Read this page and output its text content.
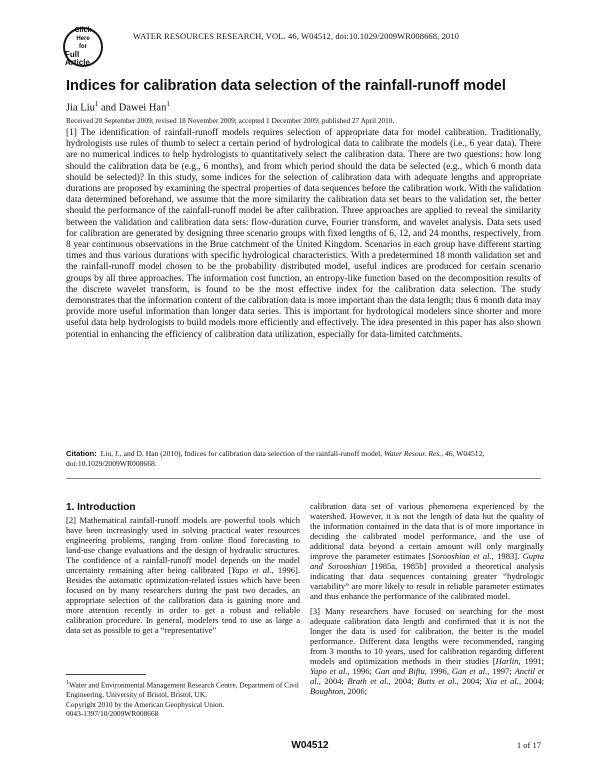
Click
Here
for
Full Article
WATER RESOURCES RESEARCH, VOL. 46, W04512, doi:10.1029/2009WR008668, 2010
Indices for calibration data selection of the rainfall-runoff model
Jia Liu$^1$ and Dawei Han$^1$
Received 20 September 2009; revised 18 November 2009; accepted 1 December 2009; published 27 April 2010.
[1] The identification of rainfall-runoff models requires selection of appropriate data for model calibration. Traditionally, hydrologists use rules of thumb to select a certain period of hydrological data to calibrate the models (i.e., 6 year data). There are no numerical indices to help hydrologists to quantitatively select the calibration data. There are two questions: how long should the calibration data be (e.g., 6 months), and from which period should the data be selected (e.g., which 6 month data should be selected)? In this study, some indices for the selection of calibration data with adequate lengths and appropriate durations are proposed by examining the spectral properties of data sequences before the calibration work. With the validation data determined beforehand, we assume that the more similarity the calibration data set bears to the validation set, the better should the performance of the rainfall-runoff model be after calibration. Three approaches are applied to reveal the similarity between the validation and calibration data sets: flow-duration curve, Fourier transform, and wavelet analysis. Data sets used for calibration are generated by designing three scenario groups with fixed lengths of 6, 12, and 24 months, respectively, from 8 year continuous observations in the Brue catchment of the United Kingdom. Scenarios in each group have different starting times and thus various durations with specific hydrological characteristics. With a predetermined 18 month validation set and the rainfall-runoff model chosen to be the probability distributed model, useful indices are produced for certain scenario groups by all three approaches. The information cost function, an entropy-like function based on the decomposition results of the discrete wavelet transform, is found to be the most effective index for the calibration data selection. The study demonstrates that the information content of the calibration data is more important than the data length; thus 6 month data may provide more useful information than longer data series. This is important for hydrological modelers since shorter and more useful data help hydrologists to build models more efficiently and effectively. The idea presented in this paper has also shown potential in enhancing the efficiency of calibration data utilization, especially for data-limited catchments.
Citation: Liu, J., and D. Han (2010), Indices for calibration data selection of the rainfall-runoff model, Water Resour. Res., 46, W04512, doi:10.1029/2009WR008668.
1. Introduction
[2] Mathematical rainfall-runoff models are powerful tools which have been increasingly used in solving practical water resources engineering problems, ranging from online flood forecasting to land-use change evaluations and the design of hydraulic structures. The confidence of a rainfall-runoff model depends on the model uncertainty remaining after being calibrated [Yapo et al., 1996]. Besides the automatic optimization-related issues which have been focused on by many researchers during the past two decades, an appropriate selection of the calibration data is gaining more and more attention recently in order to get a robust and reliable calibration procedure. In general, modelers tend to use as large a data set as possible to get a “representative”
calibration data set of various phenomena experienced by the watershed. However, it is not the length of data but the quality of the information contained in the data that is of more importance in deciding the calibrated model performance, and the use of additional data beyond a certain amount will only marginally improve the parameter estimates [Sorooshian et al., 1983]. Gupta and Sorooshian [1985a, 1985b] provided a theoretical analysis indicating that data sequences containing greater “hydrologic variability” are more likely to result in reliable parameter estimates and thus enhance the performance of the calibrated model.
[3] Many researchers have focused on searching for the most adequate calibration data length and confirmed that it is not the longer the data is used for calibration, the better is the model performance. Different data lengths were recommended, ranging from 3 months to 10 years, used for calibration regarding different models and optimization methods in their studies [Harlin, 1991; Yapo et al., 1996; Gan and Biftu, 1996, Gan et al., 1997; Anctil et al., 2004; Brath et al., 2004; Butts et al., 2004; Xia et al., 2004; Boughton, 2006;
$^1$Water and Environmental Management Research Centre, Department of Civil Engineering, University of Bristol, Bristol, UK.
Copyright 2010 by the American Geophysical Union.
0043-1397/10/2009WR008668
W04512	1 of 17
